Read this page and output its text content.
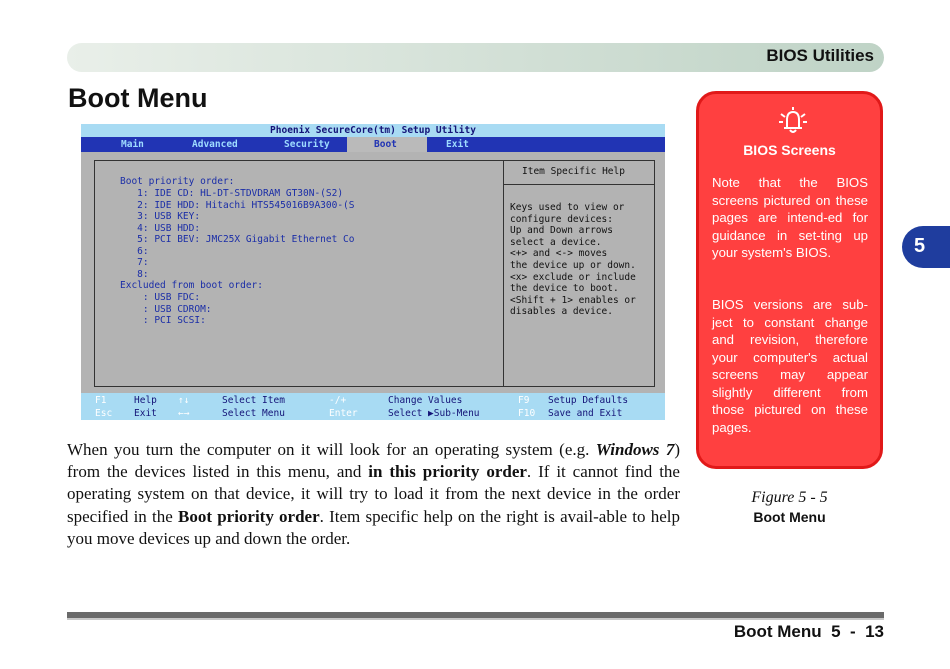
BIOS Utilities
Boot Menu
5
Phoenix SecureCore(tm) Setup Utility
Main	Advanced	Security	Boot	Exit
Boot priority order:
1: IDE CD: HL-DT-STDVDRAM GT30N-(S2)
2: IDE HDD: Hitachi HTS545016B9A300-(S
3: USB KEY:
4: USB HDD:
5: PCI BEV: JMC25X Gigabit Ethernet Co
6:
7:
8:
Excluded from boot order:
: USB FDC:
: USB CDROM:
: PCI SCSI:
Item Specific Help
Keys used to view or
configure devices:
Up and Down arrows
select a device.
<+> and <-> moves
the device up or down.
<x> exclude or include
the device to boot.
<Shift + 1> enables or
disables a device.
F1	Help ↑↓	Select Item	-/+	Change Values	F9 Setup Defaults
Esc Exit ←→	Select Menu	Enter	Select ▶Sub-Menu	F10 Save and Exit
BIOS Screens

Note that the BIOS screens pictured on these pages are intend-ed for guidance in set-ting up your system's BIOS.

BIOS versions are sub-ject to constant change and revision, therefore your computer's actual screens may appear slightly different from those pictured on these pages.

Figure 5 - 5
Boot Menu

When you turn the computer on it will look for an operating system (e.g. Windows 7) from the devices listed in this menu, and in this priority order. If it cannot find the operating system on that device, it will try to load it from the next device in the order specified in the Boot priority order. Item specific help on the right is avail-able to help you move devices up and down the order.

Boot Menu  5  -  13
